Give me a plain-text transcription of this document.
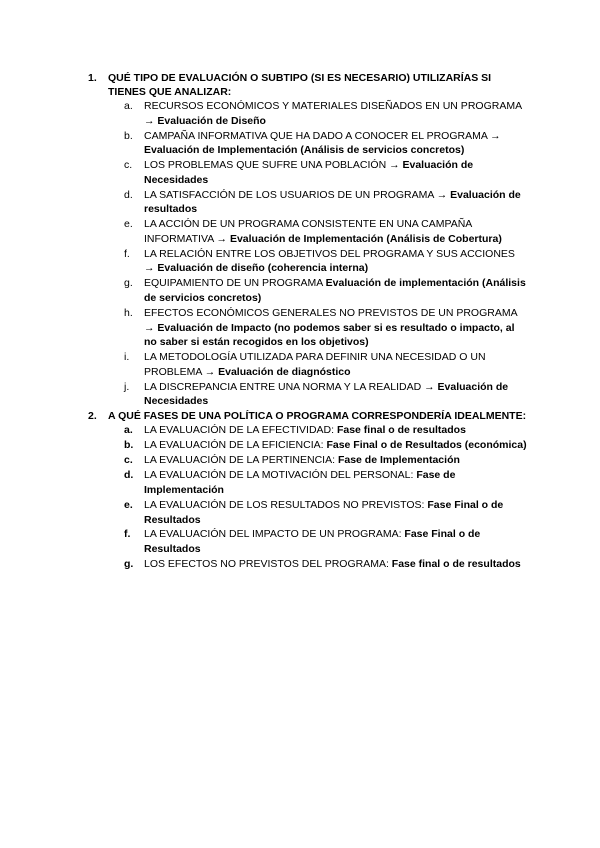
1. QUÉ TIPO DE EVALUACIÓN O SUBTIPO (SI ES NECESARIO) UTILIZARÍAS SI TIENES QUE ANALIZAR:
a. RECURSOS ECONÓMICOS Y MATERIALES DISEÑADOS EN UN PROGRAMA → Evaluación de Diseño
b. CAMPAÑA INFORMATIVA QUE HA DADO A CONOCER EL PROGRAMA → Evaluación de Implementación (Análisis de servicios concretos)
c. LOS PROBLEMAS QUE SUFRE UNA POBLACIÓN → Evaluación de Necesidades
d. LA SATISFACCIÓN DE LOS USUARIOS DE UN PROGRAMA → Evaluación de resultados
e. LA ACCIÓN DE UN PROGRAMA CONSISTENTE EN UNA CAMPAÑA INFORMATIVA → Evaluación de Implementación (Análisis de Cobertura)
f. LA RELACIÓN ENTRE LOS OBJETIVOS DEL PROGRAMA Y SUS ACCIONES → Evaluación de diseño (coherencia interna)
g. EQUIPAMIENTO DE UN PROGRAMA Evaluación de implementación (Análisis de servicios concretos)
h. EFECTOS ECONÓMICOS GENERALES NO PREVISTOS DE UN PROGRAMA → Evaluación de Impacto (no podemos saber si es resultado o impacto, al no saber si están recogidos en los objetivos)
i. LA METODOLOGÍA UTILIZADA PARA DEFINIR UNA NECESIDAD O UN PROBLEMA → Evaluación de diagnóstico
j. LA DISCREPANCIA ENTRE UNA NORMA Y LA REALIDAD → Evaluación de Necesidades
2. A QUÉ FASES DE UNA POLÍTICA O PROGRAMA CORRESPONDERÍA IDEALMENTE:
a. LA EVALUACIÓN DE LA EFECTIVIDAD: Fase final o de resultados
b. LA EVALUACIÓN DE LA EFICIENCIA: Fase Final o de Resultados (económica)
c. LA EVALUACIÓN DE LA PERTINENCIA: Fase de Implementación
d. LA EVALUACIÓN DE LA MOTIVACIÓN DEL PERSONAL: Fase de Implementación
e. LA EVALUACIÓN DE LOS RESULTADOS NO PREVISTOS: Fase Final o de Resultados
f. LA EVALUACIÓN DEL IMPACTO DE UN PROGRAMA: Fase Final o de Resultados
g. LOS EFECTOS NO PREVISTOS DEL PROGRAMA: Fase final o de resultados
